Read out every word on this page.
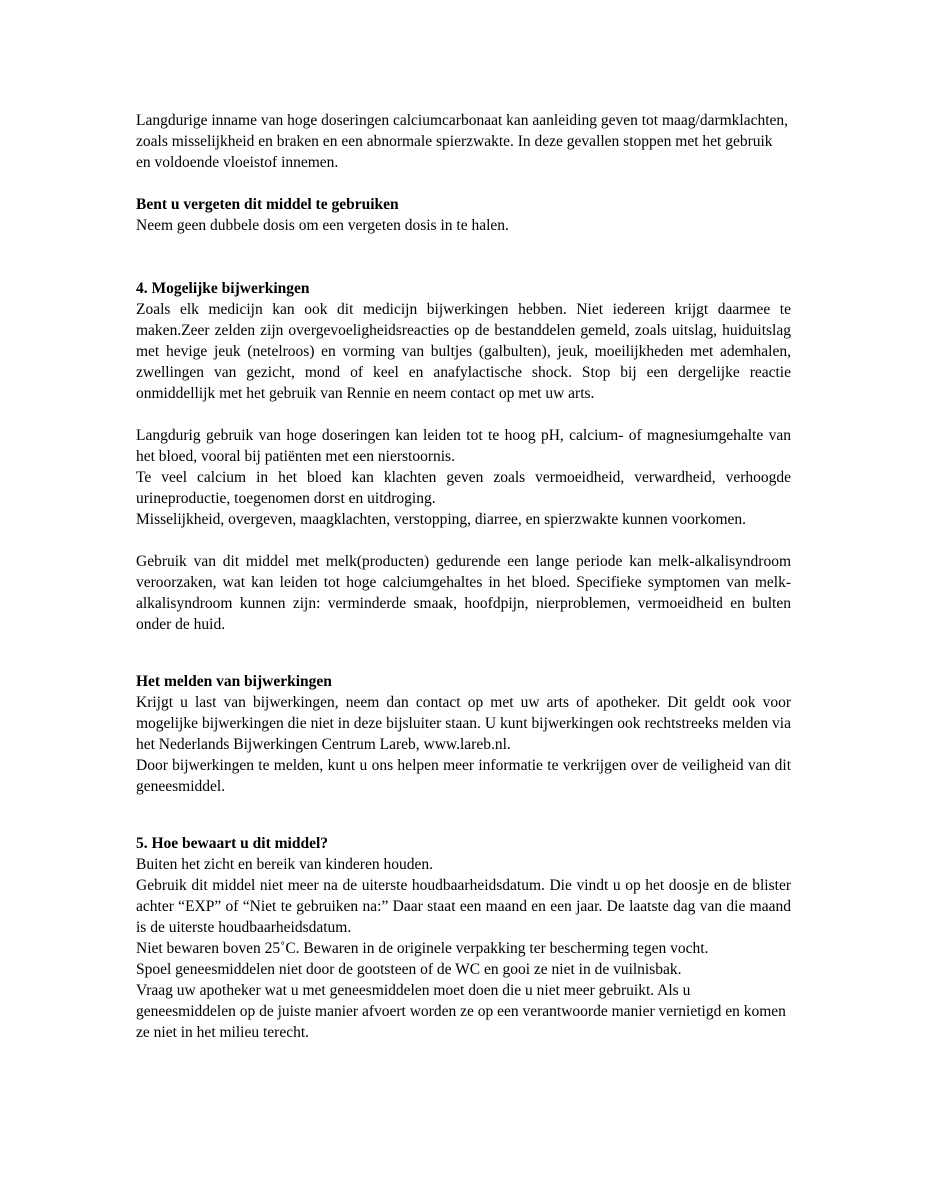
Langdurige inname van hoge doseringen calciumcarbonaat kan aanleiding geven tot maag/darmklachten, zoals misselijkheid en braken en een abnormale spierzwakte. In deze gevallen stoppen met het gebruik en voldoende vloeistof innemen.

Bent u vergeten dit middel te gebruiken

Neem geen dubbele dosis om een vergeten dosis in te halen.

4. Mogelijke bijwerkingen

Zoals elk medicijn kan ook dit medicijn bijwerkingen hebben. Niet iedereen krijgt daarmee te maken.Zeer zelden zijn overgevoeligheidsreacties op de bestanddelen gemeld, zoals uitslag, huiduitslag met hevige jeuk (netelroos) en vorming van bultjes (galbulten), jeuk, moeilijkheden met ademhalen, zwellingen van gezicht, mond of keel en anafylactische shock. Stop bij een dergelijke reactie onmiddellijk met het gebruik van Rennie en neem contact op met uw arts.

Langdurig gebruik van hoge doseringen kan leiden tot te hoog pH, calcium- of magnesiumgehalte van het bloed, vooral bij patiënten met een nierstoornis.

Te veel calcium in het bloed kan klachten geven zoals vermoeidheid, verwardheid, verhoogde urineproductie, toegenomen dorst en uitdroging.

Misselijkheid, overgeven, maagklachten, verstopping, diarree, en spierzwakte kunnen voorkomen.

Gebruik van dit middel met melk(producten) gedurende een lange periode kan melk-alkalisyndroom veroorzaken, wat kan leiden tot hoge calciumgehaltes in het bloed. Specifieke symptomen van melk-alkalisyndroom kunnen zijn: verminderde smaak, hoofdpijn, nierproblemen, vermoeidheid en bulten onder de huid.

Het melden van bijwerkingen

Krijgt u last van bijwerkingen, neem dan contact op met uw arts of apotheker. Dit geldt ook voor mogelijke bijwerkingen die niet in deze bijsluiter staan. U kunt bijwerkingen ook rechtstreeks melden via het Nederlands Bijwerkingen Centrum Lareb, www.lareb.nl.

Door bijwerkingen te melden, kunt u ons helpen meer informatie te verkrijgen over de veiligheid van dit geneesmiddel.

5. Hoe bewaart u dit middel?

Buiten het zicht en bereik van kinderen houden.

Gebruik dit middel niet meer na de uiterste houdbaarheidsdatum. Die vindt u op het doosje en de blister achter “EXP” of “Niet te gebruiken na:” Daar staat een maand en een jaar. De laatste dag van die maand is de uiterste houdbaarheidsdatum.

Niet bewaren boven 25˚C. Bewaren in de originele verpakking ter bescherming tegen vocht.

Spoel geneesmiddelen niet door de gootsteen of de WC en gooi ze niet in de vuilnisbak.

Vraag uw apotheker wat u met geneesmiddelen moet doen die u niet meer gebruikt. Als u geneesmiddelen op de juiste manier afvoert worden ze op een verantwoorde manier vernietigd en komen ze niet in het milieu terecht.
